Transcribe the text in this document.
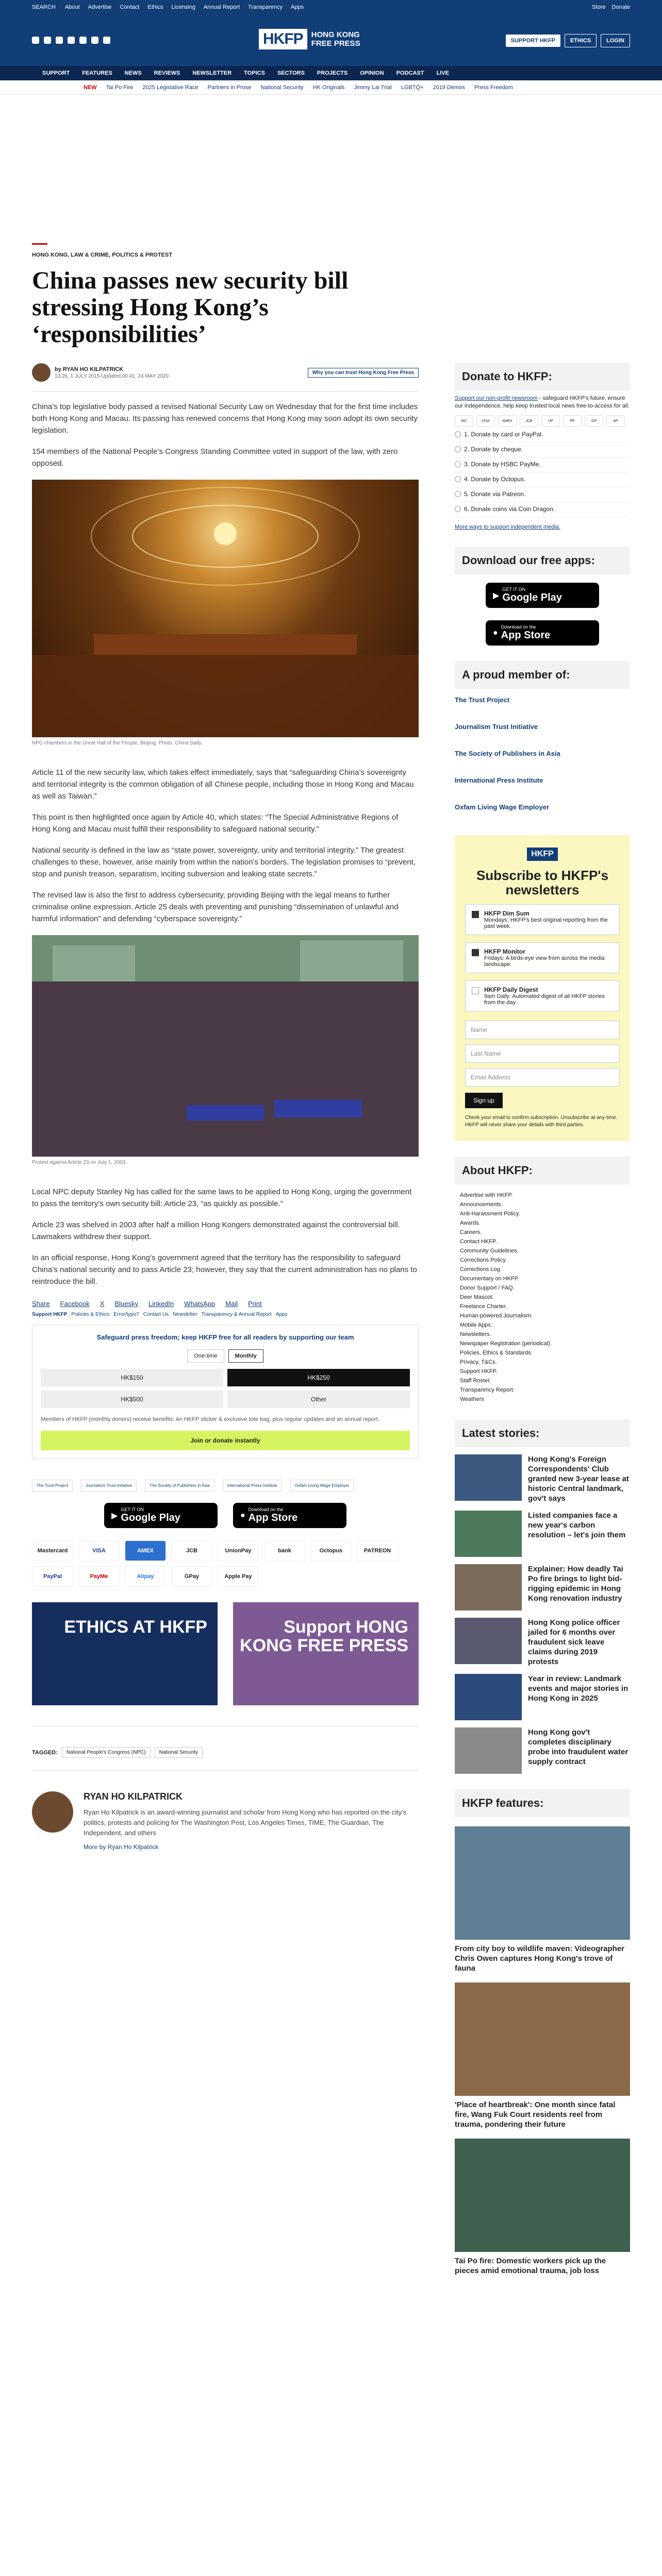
SEARCH About Advertise Contact Ethics Licensing Annual Report Transparency Apps	Store Donate
HKFP	HONG KONG
FREE PRESS	SUPPORT HKFP	ETHICS	LOGIN
SUPPORT FEATURES NEWS REVIEWS NEWSLETTER TOPICS SECTORS PROJECTS OPINION PODCAST LIVE
NEW Tai Po Fire 2025 Legislative Race Partners in Prose National Security HK Originals Jimmy Lai Trial LGBTQ+ 2019 Demos Press Freedom
HONG KONG, LAW & CRIME, POLITICS & PROTEST
China passes new security bill stressing Hong Kong’s ‘responsibilities’
by RYAN HO KILPATRICK
13:26, 1 JULY 2015 Updated 00:41, 24 MAY 2020
Why you can trust Hong Kong Free Press

China’s top legislative body passed a revised National Security Law on Wednesday that for the first time includes both Hong Kong and Macau. Its passing has renewed concerns that Hong Kong may soon adopt its own security legislation.

154 members of the National People’s Congress Standing Committee voted in support of the law, with zero opposed.

NPC chambers in the Great Hall of the People, Beijing. Photo: China Daily.

Article 11 of the new security law, which takes effect immediately, says that “safeguarding China’s sovereignty and territorial integrity is the common obligation of all Chinese people, including those in Hong Kong and Macau as well as Taiwan.”

This point is then highlighted once again by Article 40, which states: “The Special Administrative Regions of Hong Kong and Macau must fulfill their responsibility to safeguard national security.”

National security is defined in the law as “state power, sovereignty, unity and territorial integrity.” The greatest challenges to these, however, arise mainly from within the nation’s borders. The legislation promises to “prevent, stop and punish treason, separatism, inciting subversion and leaking state secrets.”

The revised law is also the first to address cybersecurity, providing Beijing with the legal means to further criminalise online expression. Article 25 deals with preventing and punishing “dissemination of unlawful and harmful information” and defending “cyberspace sovereignty.”

Protest against Article 23 on July 1, 2003.

Local NPC deputy Stanley Ng has called for the same laws to be applied to Hong Kong, urging the government to pass the territory’s own security bill: Article 23, “as quickly as possible.”

Article 23 was shelved in 2003 after half a million Hong Kongers demonstrated against the controversial bill. Lawmakers withdrew their support.

In an official response, Hong Kong’s government agreed that the territory has the responsibility to safeguard China’s national security and to pass Article 23; however, they say that the current administration has no plans to reintroduce the bill.

Share Facebook X Bluesky LinkedIn WhatsApp Mail Print
Support HKFP Policies & Ethics Error/typo? Contact Us Newsletter Transparency & Annual Report Apps
Safeguard press freedom; keep HKFP free for all readers by supporting our team
One-time	Monthly
HK$150	HK$250
HK$500	Other
Members of HKFP (monthly donors) receive benefits: An HKFP sticker & exclusive tote bag, plus regular updates and an annual report.
Join or donate instantly
The Trust Project	Journalism Trust Initiative	The Society of Publishers in Asia	International Press Institute	Oxfam Living Wage Employer
▶
GET IT ON
Google Play	●
Download on the
App Store
Mastercard	VISA	AMEX	JCB	UnionPay	bank	Octopus	PATREON
PayPal	PayMe	Alipay	GPay	Apple Pay
ETHICS AT HKFP	Support HONG KONG FREE PRESS
TAGGED:	National People's Congress (NPC)	National Security
RYAN HO KILPATRICK
Ryan Ho Kilpatrick is an award-winning journalist and scholar from Hong Kong who has reported on the city’s politics, protests and policing for The Washington Post, Los Angeles Times, TIME, The Guardian, The Independent, and others
More by Ryan Ho Kilpatrick
Donate to HKFP:
Support our non-profit newsroom - safeguard HKFP's future, ensure our independence, help keep trusted local news free-to-access for all.
MC	VISA	AMEX	JCB	UP	PP	GP	AP
1. Donate by card or PayPal.
2. Donate by cheque.
3. Donate by HSBC PayMe.
4. Donate by Octopus.
5. Donate via Patreon.
6. Donate coins via Coin Dragon.
More ways to support independent media.
Download our free apps:
▶
GET IT ON
Google Play
●
Download on the
App Store
A proud member of:
The Trust Project
Journalism Trust Initiative
The Society of Publishers in Asia
International Press Institute
Oxfam Living Wage Employer
HKFP
Subscribe to HKFP's newsletters
HKFP Dim Sum
Mondays: HKFP's best original reporting from the past week.
HKFP Monitor
Fridays: A birds-eye view from across the media landscape.
HKFP Daily Digest
9am Daily: Automated digest of all HKFP stories from the day.
Name
Last Name
Email Address
Sign up
Check your email to confirm subscription. Unsubscribe at any time. HKFP will never share your details with third parties.
About HKFP:
Advertise with HKFP.
Announcements.
Anti-Harassment Policy.
Awards.
Careers.
Contact HKFP.
Community Guidelines.
Corrections Policy.
Corrections Log.
Documentary on HKFP.
Donor Support / FAQ.
Deer Mascot.
Freelance Charter.
Human-powered Journalism.
Mobile Apps.
Newsletters.
Newspaper Registration (periodical).
Policies, Ethics & Standards.
Privacy, T&Cs.
Support HKFP.
Staff Roster.
Transparency Report.
Weathers
Latest stories:
Hong Kong's Foreign Correspondents' Club granted new 3-year lease at historic Central landmark, gov't says
Listed companies face a new year's carbon resolution – let's join them
Explainer: How deadly Tai Po fire brings to light bid-rigging epidemic in Hong Kong renovation industry
Hong Kong police officer jailed for 6 months over fraudulent sick leave claims during 2019 protests
Year in review: Landmark events and major stories in Hong Kong in 2025
Hong Kong gov't completes disciplinary probe into fraudulent water supply contract
HKFP features:
From city boy to wildlife maven: Videographer Chris Owen captures Hong Kong's trove of fauna
'Place of heartbreak': One month since fatal fire, Wang Fuk Court residents reel from trauma, pondering their future
Tai Po fire: Domestic workers pick up the pieces amid emotional trauma, job loss
